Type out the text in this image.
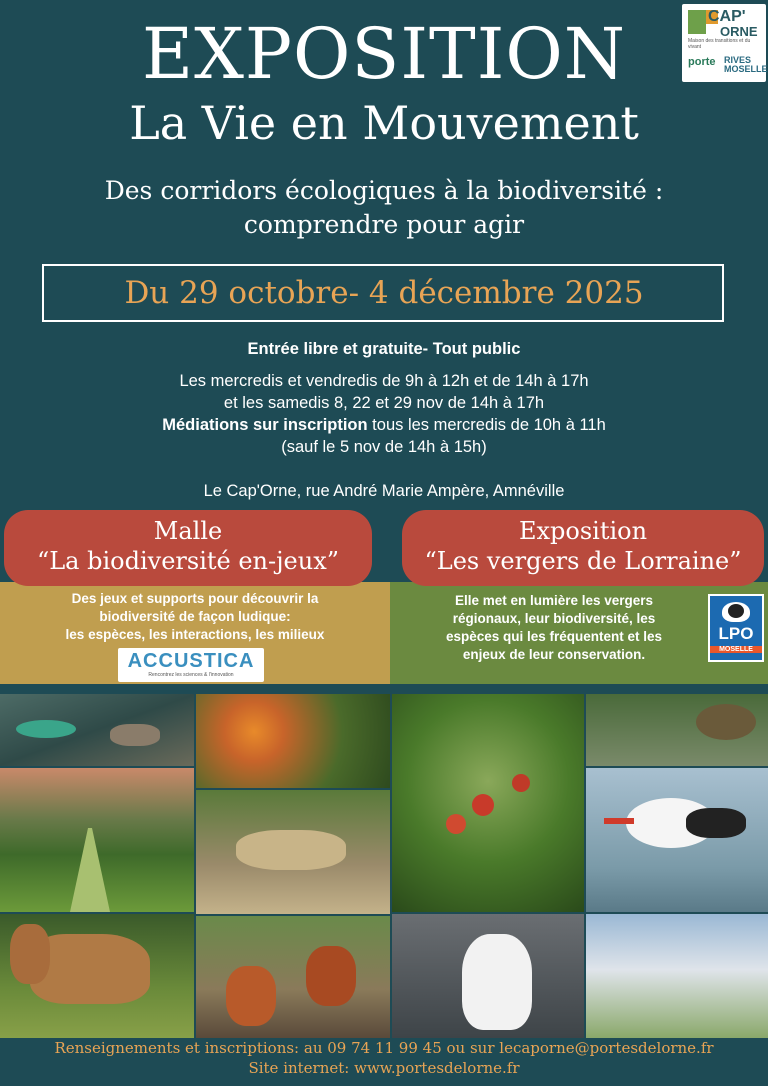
CAP'
ORNE
Maison des transitions et du vivant
porte RIVES MOSELLE
EXPOSITION
La Vie en Mouvement
Des corridors écologiques à la biodiversité :
comprendre pour agir
Du 29 octobre- 4 décembre 2025
Entrée libre et gratuite- Tout public
Les mercredis et vendredis de 9h à 12h et de 14h à 17h
et les samedis 8, 22 et 29 nov de 14h à 17h
Médiations sur inscription tous les mercredis de 10h à 11h
(sauf le 5 nov de 14h à 15h)
Le Cap'Orne, rue André Marie Ampère, Amnéville
Des jeux et supports pour découvrir la
biodiversité de façon ludique:
les espèces, les interactions, les milieux
ACCUSTICA
Rencontrez les sciences & l'innovation
Elle met en lumière les vergers
régionaux, leur biodiversité, les
espèces qui les fréquentent et les
enjeux de leur conservation.
LPO
MOSELLE
Malle
“La biodiversité en-jeux”
Exposition
“Les vergers de Lorraine”
Renseignements et inscriptions: au 09 74 11 99 45 ou sur lecaporne@portesdelorne.fr
Site internet: www.portesdelorne.fr
